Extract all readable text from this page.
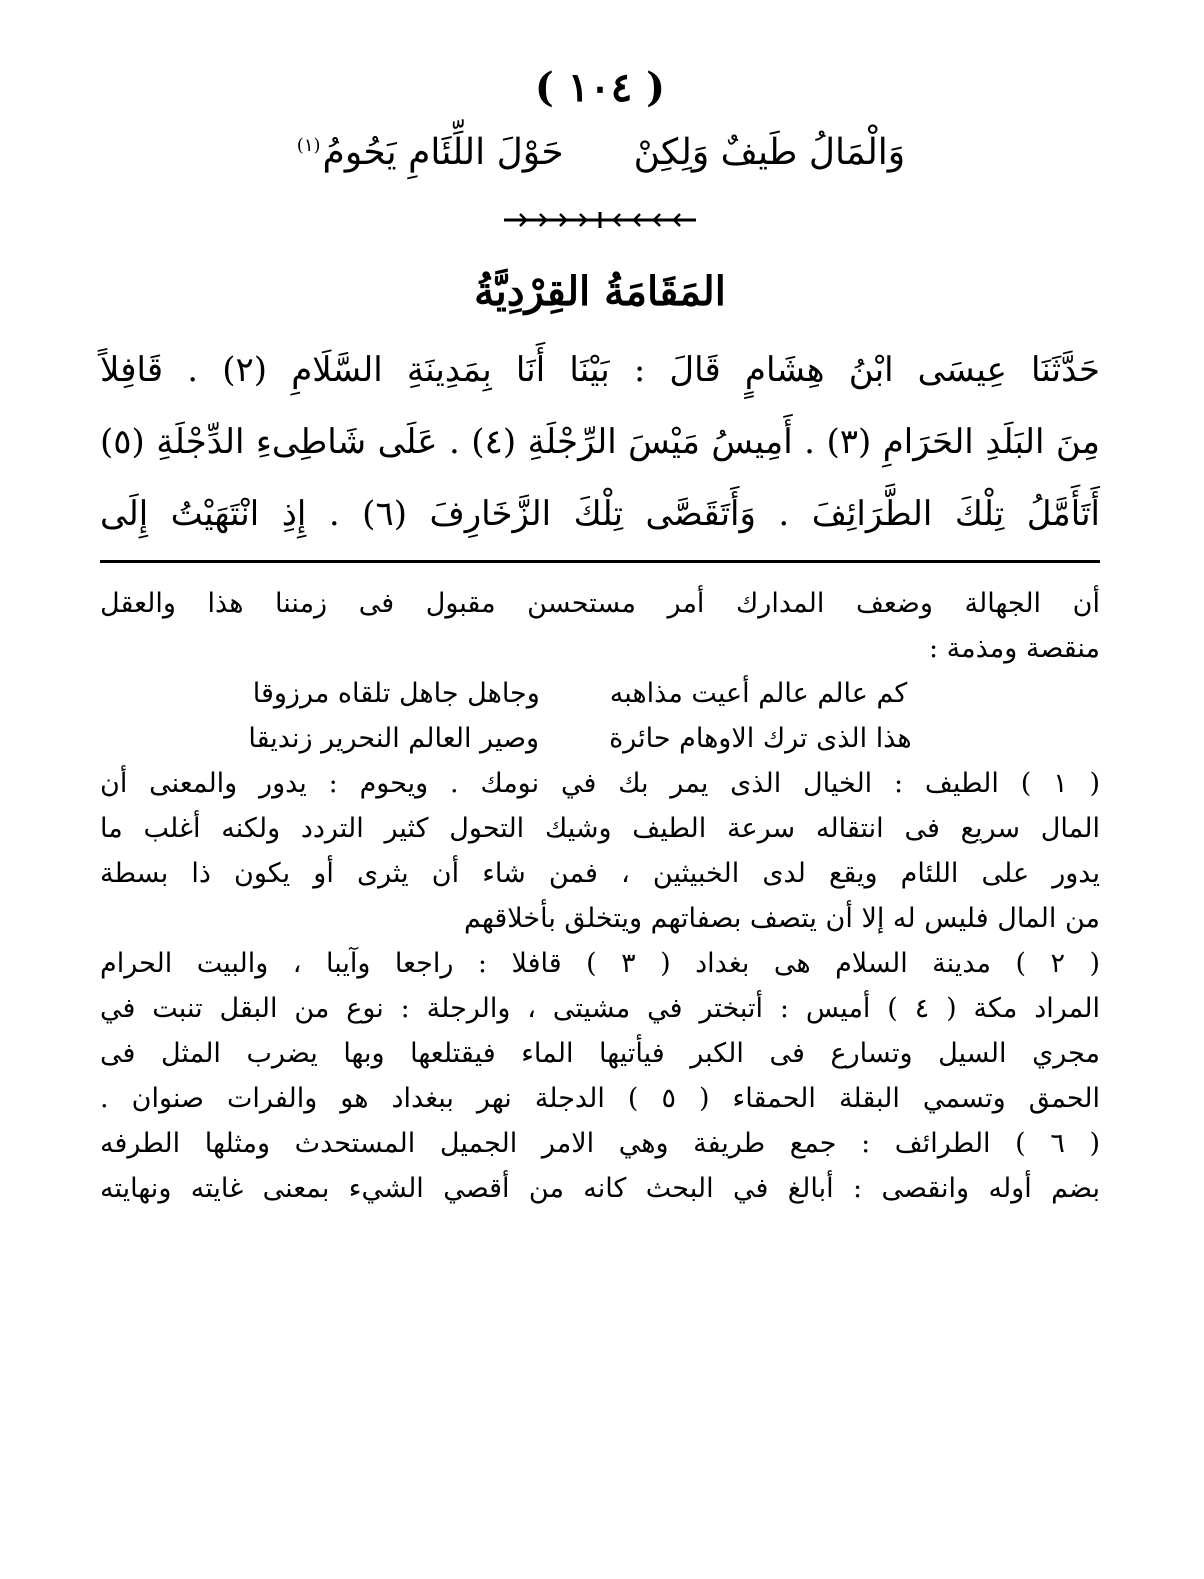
( ١٠٤ )
وَالْمَالُ طَيفٌ وَلِكِنْ
حَوْلَ اللِّئَامِ يَحُومُ$^{(١)}$
المَقَامَةُ القِرْدِيَّةُ
حَدَّثَنَا عِيسَى ابْنُ هِشَامٍ قَالَ : بَيْنَا أَنَا بِمَدِينَةِ السَّلَامِ (٢) . قَافِلاً
مِنَ البَلَدِ الحَرَامِ (٣) . أَمِيسُ مَيْسَ الرِّجْلَةِ (٤) . عَلَى شَاطِىءِ الدِّجْلَةِ (٥)
أَتَأَمَّلُ تِلْكَ الطَّرَائِفَ . وَأَتَقَصَّى تِلْكَ الزَّخَارِفَ (٦) . إِذِ انْتَهَيْتُ إِلَى
أن الجهالة وضعف المدارك أمر مستحسن مقبول فى زمننا هذا والعقل
منقصة ومذمة :
كم عالم عالم أعيت مذاهبه
وجاهل جاهل تلقاه مرزوقا
هذا الذى ترك الاوهام حائرة
وصير العالم النحرير زنديقا
( ١ ) الطيف : الخيال الذى يمر بك في نومك . ويحوم : يدور والمعنى أن
المال سريع فى انتقاله سرعة الطيف وشيك التحول كثير التردد ولكنه أغلب ما
يدور على اللئام ويقع لدى الخبيثين ، فمن شاء أن يثرى أو يكون ذا بسطة
من المال فليس له إلا أن يتصف بصفاتهم ويتخلق بأخلاقهم
( ٢ ) مدينة السلام هى بغداد ( ٣ ) قافلا : راجعا وآيبا ، والبيت الحرام
المراد مكة ( ٤ ) أميس : أتبختر في مشيتى ، والرجلة : نوع من البقل تنبت في
مجري السيل وتسارع فى الكبر فيأتيها الماء فيقتلعها وبها يضرب المثل فى
الحمق وتسمي البقلة الحمقاء ( ٥ ) الدجلة نهر ببغداد هو والفرات صنوان .
( ٦ ) الطرائف : جمع طريفة وهي الامر الجميل المستحدث ومثلها الطرفه
بضم أوله وانقصى : أبالغ في البحث كانه من أقصي الشيء بمعنى غايته ونهايته
